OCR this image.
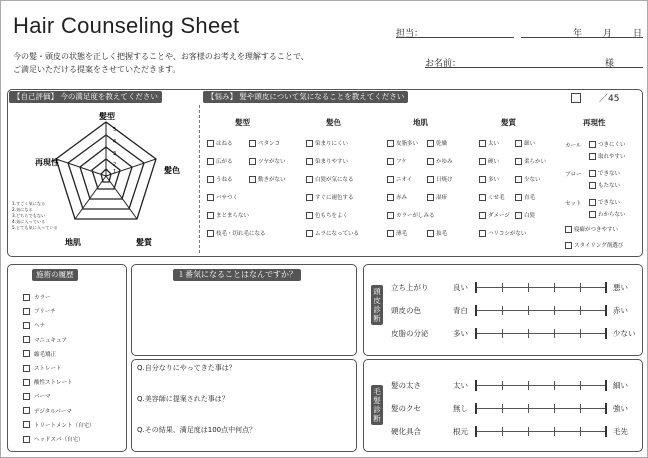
Hair Counseling Sheet
今の髪・頭皮の状態を正しく把握することや、お客様のお考えを理解することで、
ご満足いただける提案をさせていただきます。
担当：	年 月 日
お名前：	様
【自己評価】 今の満足度を教えてください	【悩み】 髪や頭皮について気になることを教えてください	／45
5
4
3
2
1
髪型
髪色
髪質
地肌
再現性
1.すごく気になる
2.気になる
3.どちらでもない
4.気に入っている
5.とても気に入っている
髪型
はねる	ペタンコ
広がる	ツヤがない
うねる	動きがない
パサつく
まとまらない
枝毛・切れ毛になる
髪色
染まりにくい
染まりやすい
白髪が気になる
すぐに褪色する
色もちをよく
ムラになっている
地肌
皮脂多い	乾燥
フケ	かゆみ
ニオイ	日焼け
赤み	湿疹
カラーがしみる
薄毛	抜毛
髪質
太い	細い
硬い	柔らかい
多い	少ない
くせ毛	直毛
ダメージ	白髪
ハリコシがない
再現性
カール	つきにくい
取れやすい
ブロー	できない
もたない
セット	できない
わからない
寝癖がつきやすい
スタイリング剤選び
施術の履歴
カラー
ブリーチ
ヘナ
マニュキュア
縮毛矯正
ストレート
酸性ストレート
パーマ
デジタルパーマ
トリートメント（自宅）
ヘッドスパ（自宅）
１番気になることはなんですか？
Q.自分なりにやってきた事は？
Q.美容師に提案された事は？
Q.その結果、満足度は100点中何点？
頭皮診断
立ち上がり	良い	悪い
頭皮の色	青白	赤い
皮脂の分泌	多い	少ない
毛髪診断
髪の太さ	太い	細い
髪のクセ	無し	強い
硬化具合	根元	毛先
